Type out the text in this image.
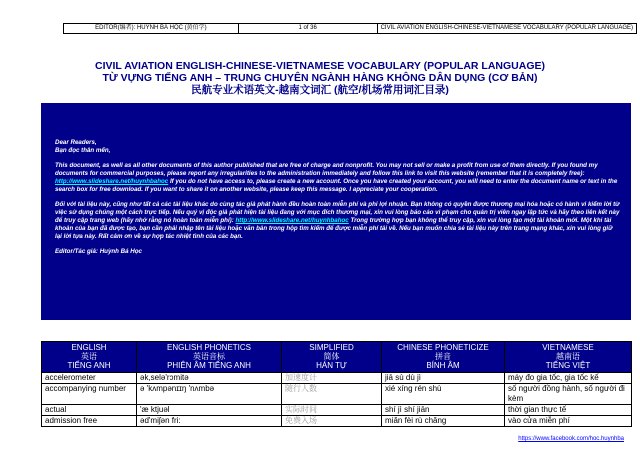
EDITOR(编者): HUỲNH BÁ HỌC (黄伯学)	1 of 36	CIVIL AVIATION ENGLISH-CHINESE-VIETNAMESE VOCABULARY (POPULAR LANGUAGE)
CIVIL AVIATION ENGLISH-CHINESE-VIETNAMESE VOCABULARY (POPULAR LANGUAGE)
TỪ VỰNG TIẾNG ANH – TRUNG CHUYÊN NGÀNH HÀNG KHÔNG DÂN DỤNG (CƠ BẢN)
民航专业术语英文-越南文词汇 (航空/机场常用词汇目录)

Dear Readers,
Bạn đọc thân mến,

This document, as well as all other documents of this author published that are free of charge and nonprofit. You may not sell or make a profit from use of them directly. If you found my documents for commercial purposes, please report any irregularities to the administration immediately and follow this link to visit this website (remember that it is completely free): http://www.slideshare.net/huynhbahoc If you do not have access to, please create a new account. Once you have created your account, you will need to enter the document name or text in the search box for free download. If you want to share it on another website, please keep this message. I appreciate your cooperation.

Đối với tài liệu này, cũng như tất cả các tài liệu khác do cùng tác giả phát hành đều hoàn toàn miễn phí và phi lợi nhuận. Bạn không có quyền được thương mại hóa hoặc có hành vi kiếm lời từ việc sử dụng chúng một cách trực tiếp. Nếu quý vị độc giả phát hiện tài liệu đang với mục đích thương mại, xin vui lòng báo cáo vi phạm cho quản trị viên ngay lập tức và hãy theo liên kết này để truy cập trang web (hãy nhớ rằng nó hoàn toàn miễn phí): http://www.slideshare.net/huynhbahoc Trong trường hợp bạn không thể truy cập, xin vui lòng tạo một tài khoản mới. Một khi tài khoản của bạn đã được tạo, bạn cần phải nhập tên tài liệu hoặc văn bản trong hộp tìm kiếm để được miễn phí tải về. Nếu bạn muốn chia sẻ tài liệu này trên trang mạng khác, xin vui lòng giữ lại lời tựa này. Rất cảm ơn về sự hợp tác nhiệt tình của các bạn.

Editor/Tác giả: Huỳnh Bá Học

ENGLISH
英语
TIẾNG ANH	ENGLISH PHONETICS
英语音标
PHIÊN ÂM TIẾNG ANH	SIMPLIFIED
简体
HÁN TỰ	CHINESE PHONETICIZE
拼音
BÍNH ÂM	VIETNAMESE
越南语
TIẾNG VIỆT
accelerometer	ək,selə'rɔmitə	加速度计	jiā sù dù jì	máy đo gia tốc, gia tốc kế
accompanying number	ə 'kʌmpənɪɪŋ 'nʌmbə	随行人数	xié xíng rén shù	số người đồng hành, số người đi kèm
actual	'æ ktjuəl	实际时间	shí jì shí jiān	thời gian thực tế
admission free	əd'miʃən fri:	免费入场	miǎn fèi rù chǎng	vào cửa miễn phí
https://www.facebook.com/hoc.huynhba
